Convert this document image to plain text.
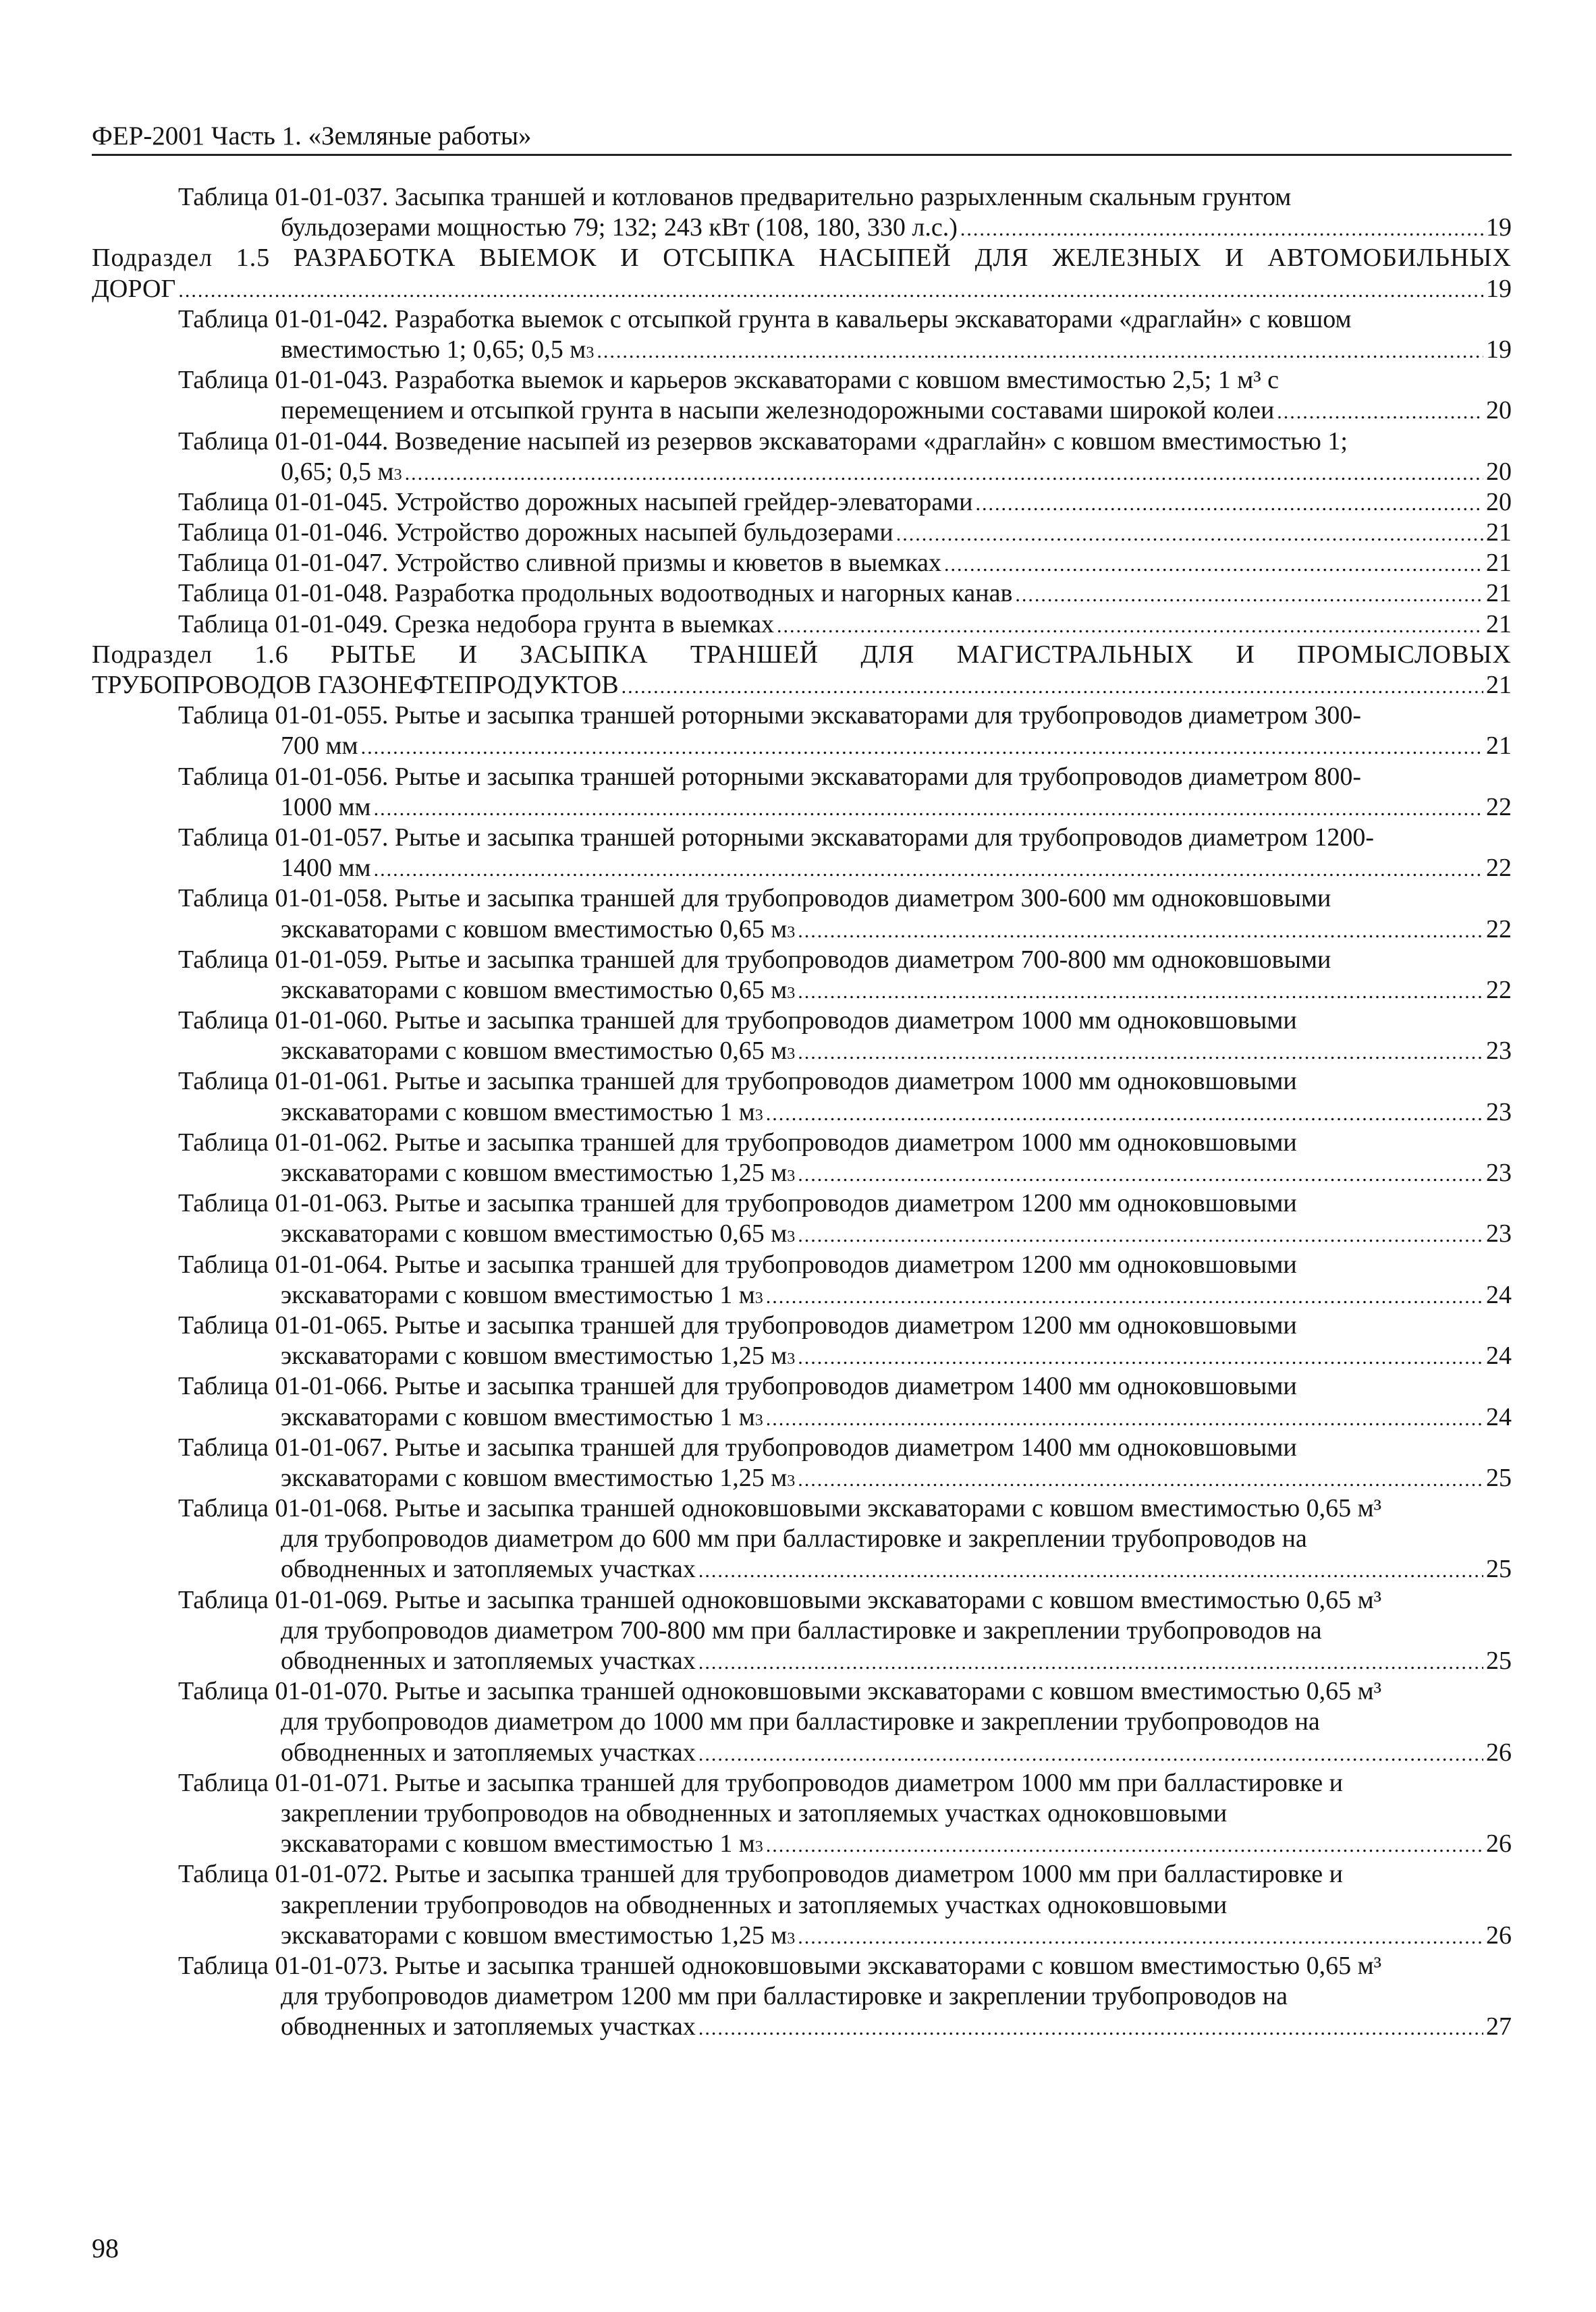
ФЕР-2001 Часть 1. «Земляные работы»
Таблица 01-01-037. Засыпка траншей и котлованов предварительно разрыхленным скальным грунтом
бульдозерами мощностью 79; 132; 243 кВт (108, 180, 330 л.с.) .....	19
Подраздел 1.5 РАЗРАБОТКА ВЫЕМОК И ОТСЫПКА НАСЫПЕЙ ДЛЯ ЖЕЛЕЗНЫХ И АВТОМОБИЛЬНЫХ
ДОРОГ .....	19
Таблица 01-01-042. Разработка выемок с отсыпкой грунта в кавальеры экскаваторами «драглайн» с ковшом
вместимостью 1; 0,65; 0,5 м 3 .....	19
Таблица 01-01-043. Разработка выемок и карьеров экскаваторами с ковшом вместимостью 2,5; 1 м³ с
перемещением и отсыпкой грунта в насыпи железнодорожными составами широкой колеи .....	20
Таблица 01-01-044. Возведение насыпей из резервов экскаваторами «драглайн» с ковшом вместимостью 1;
0,65; 0,5 м 3 .....	20
Таблица 01-01-045. Устройство дорожных насыпей грейдер-элеваторами .....	20
Таблица 01-01-046. Устройство дорожных насыпей бульдозерами .....	21
Таблица 01-01-047. Устройство сливной призмы и кюветов в выемках .....	21
Таблица 01-01-048. Разработка продольных водоотводных и нагорных канав .....	21
Таблица 01-01-049. Срезка недобора грунта в выемках .....	21
Подраздел 1.6 РЫТЬЕ И ЗАСЫПКА ТРАНШЕЙ ДЛЯ МАГИСТРАЛЬНЫХ И ПРОМЫСЛОВЫХ
ТРУБОПРОВОДОВ ГАЗОНЕФТЕПРОДУКТОВ .....	21
Таблица 01-01-055. Рытье и засыпка траншей роторными экскаваторами для трубопроводов диаметром 300-
700 мм .....	21
Таблица 01-01-056. Рытье и засыпка траншей роторными экскаваторами для трубопроводов диаметром 800-
1000 мм .....	22
Таблица 01-01-057. Рытье и засыпка траншей роторными экскаваторами для трубопроводов диаметром 1200-
1400 мм .....	22
Таблица 01-01-058. Рытье и засыпка траншей для трубопроводов диаметром 300-600 мм одноковшовыми
экскаваторами с ковшом вместимостью 0,65 м 3 .....	22
Таблица 01-01-059. Рытье и засыпка траншей для трубопроводов диаметром 700-800 мм одноковшовыми
экскаваторами с ковшом вместимостью 0,65 м 3 .....	22
Таблица 01-01-060. Рытье и засыпка траншей для трубопроводов диаметром 1000 мм одноковшовыми
экскаваторами с ковшом вместимостью 0,65 м 3 .....	23
Таблица 01-01-061. Рытье и засыпка траншей для трубопроводов диаметром 1000 мм одноковшовыми
экскаваторами с ковшом вместимостью 1 м 3 .....	23
Таблица 01-01-062. Рытье и засыпка траншей для трубопроводов диаметром 1000 мм одноковшовыми
экскаваторами с ковшом вместимостью 1,25 м 3 .....	23
Таблица 01-01-063. Рытье и засыпка траншей для трубопроводов диаметром 1200 мм одноковшовыми
экскаваторами с ковшом вместимостью 0,65 м 3 .....	23
Таблица 01-01-064. Рытье и засыпка траншей для трубопроводов диаметром 1200 мм одноковшовыми
экскаваторами с ковшом вместимостью 1 м 3 .....	24
Таблица 01-01-065. Рытье и засыпка траншей для трубопроводов диаметром 1200 мм одноковшовыми
экскаваторами с ковшом вместимостью 1,25 м 3 .....	24
Таблица 01-01-066. Рытье и засыпка траншей для трубопроводов диаметром 1400 мм одноковшовыми
экскаваторами с ковшом вместимостью 1 м 3 .....	24
Таблица 01-01-067. Рытье и засыпка траншей для трубопроводов диаметром 1400 мм одноковшовыми
экскаваторами с ковшом вместимостью 1,25 м 3 .....	25
Таблица 01-01-068. Рытье и засыпка траншей одноковшовыми экскаваторами с ковшом вместимостью 0,65 м³
для трубопроводов диаметром до 600 мм при балластировке и закреплении трубопроводов на
обводненных и затопляемых участках .....	25
Таблица 01-01-069. Рытье и засыпка траншей одноковшовыми экскаваторами с ковшом вместимостью 0,65 м³
для трубопроводов диаметром 700-800 мм при балластировке и закреплении трубопроводов на
обводненных и затопляемых участках .....	25
Таблица 01-01-070. Рытье и засыпка траншей одноковшовыми экскаваторами с ковшом вместимостью 0,65 м³
для трубопроводов диаметром до 1000 мм при балластировке и закреплении трубопроводов на
обводненных и затопляемых участках .....	26
Таблица 01-01-071. Рытье и засыпка траншей для трубопроводов диаметром 1000 мм при балластировке и
закреплении трубопроводов на обводненных и затопляемых участках одноковшовыми
экскаваторами с ковшом вместимостью 1 м 3 .....	26
Таблица 01-01-072. Рытье и засыпка траншей для трубопроводов диаметром 1000 мм при балластировке и
закреплении трубопроводов на обводненных и затопляемых участках одноковшовыми
экскаваторами с ковшом вместимостью 1,25 м 3 .....	26
Таблица 01-01-073. Рытье и засыпка траншей одноковшовыми экскаваторами с ковшом вместимостью 0,65 м³
для трубопроводов диаметром 1200 мм при балластировке и закреплении трубопроводов на
обводненных и затопляемых участках .....	27
98
